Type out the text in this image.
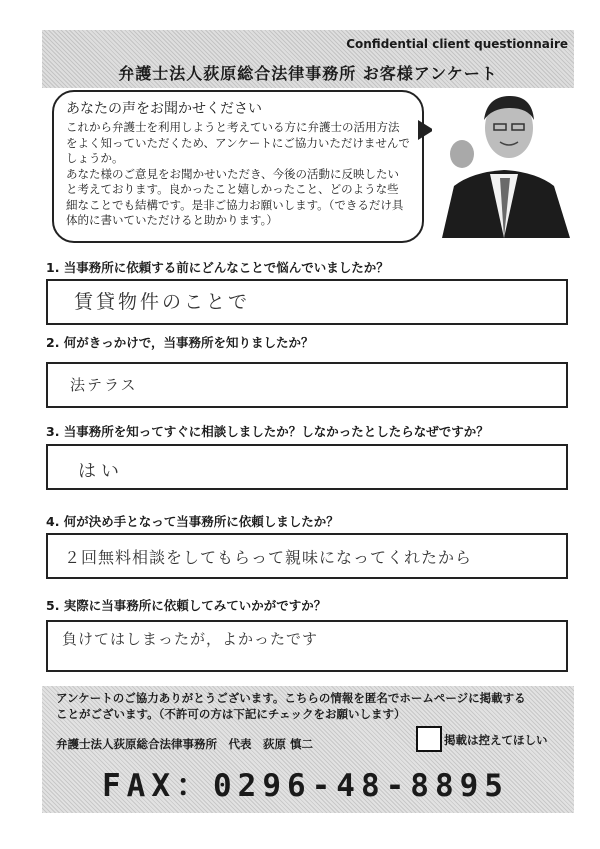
Confidential client questionnaire
弁護士法人荻原総合法律事務所 お客様アンケート
あなたの声をお聞かせください
これから弁護士を利用しようと考えている方に弁護士の活用方法をよく知っていただくため、アンケートにご協力いただけませんでしょうか。
あなた様のご意見をお聞かせいただき、今後の活動に反映したいと考えております。良かったこと嬉しかったこと、どのような些細なことでも結構です。是非ご協力お願いします。（できるだけ具体的に書いていただけると助かります。）
1. 当事務所に依頼する前にどんなことで悩んでいましたか？
賃貸物件のことで
2. 何がきっかけで，当事務所を知りましたか？
法テラス
3. 当事務所を知ってすぐに相談しましたか？しなかったとしたらなぜですか？
はい
4. 何が決め手となって当事務所に依頼しましたか？
２回無料相談をしてもらって親味になってくれたから
5. 実際に当事務所に依頼してみていかがですか？
負けてはしまったが，よかったです
アンケートのご協力ありがとうございます。こちらの情報を匿名でホームページに掲載する
ことがございます。（不許可の方は下記にチェックをお願いします）
弁護士法人荻原総合法律事務所　代表　荻原 慎二	掲載は控えてほしい
FAX：0296-48-8895
